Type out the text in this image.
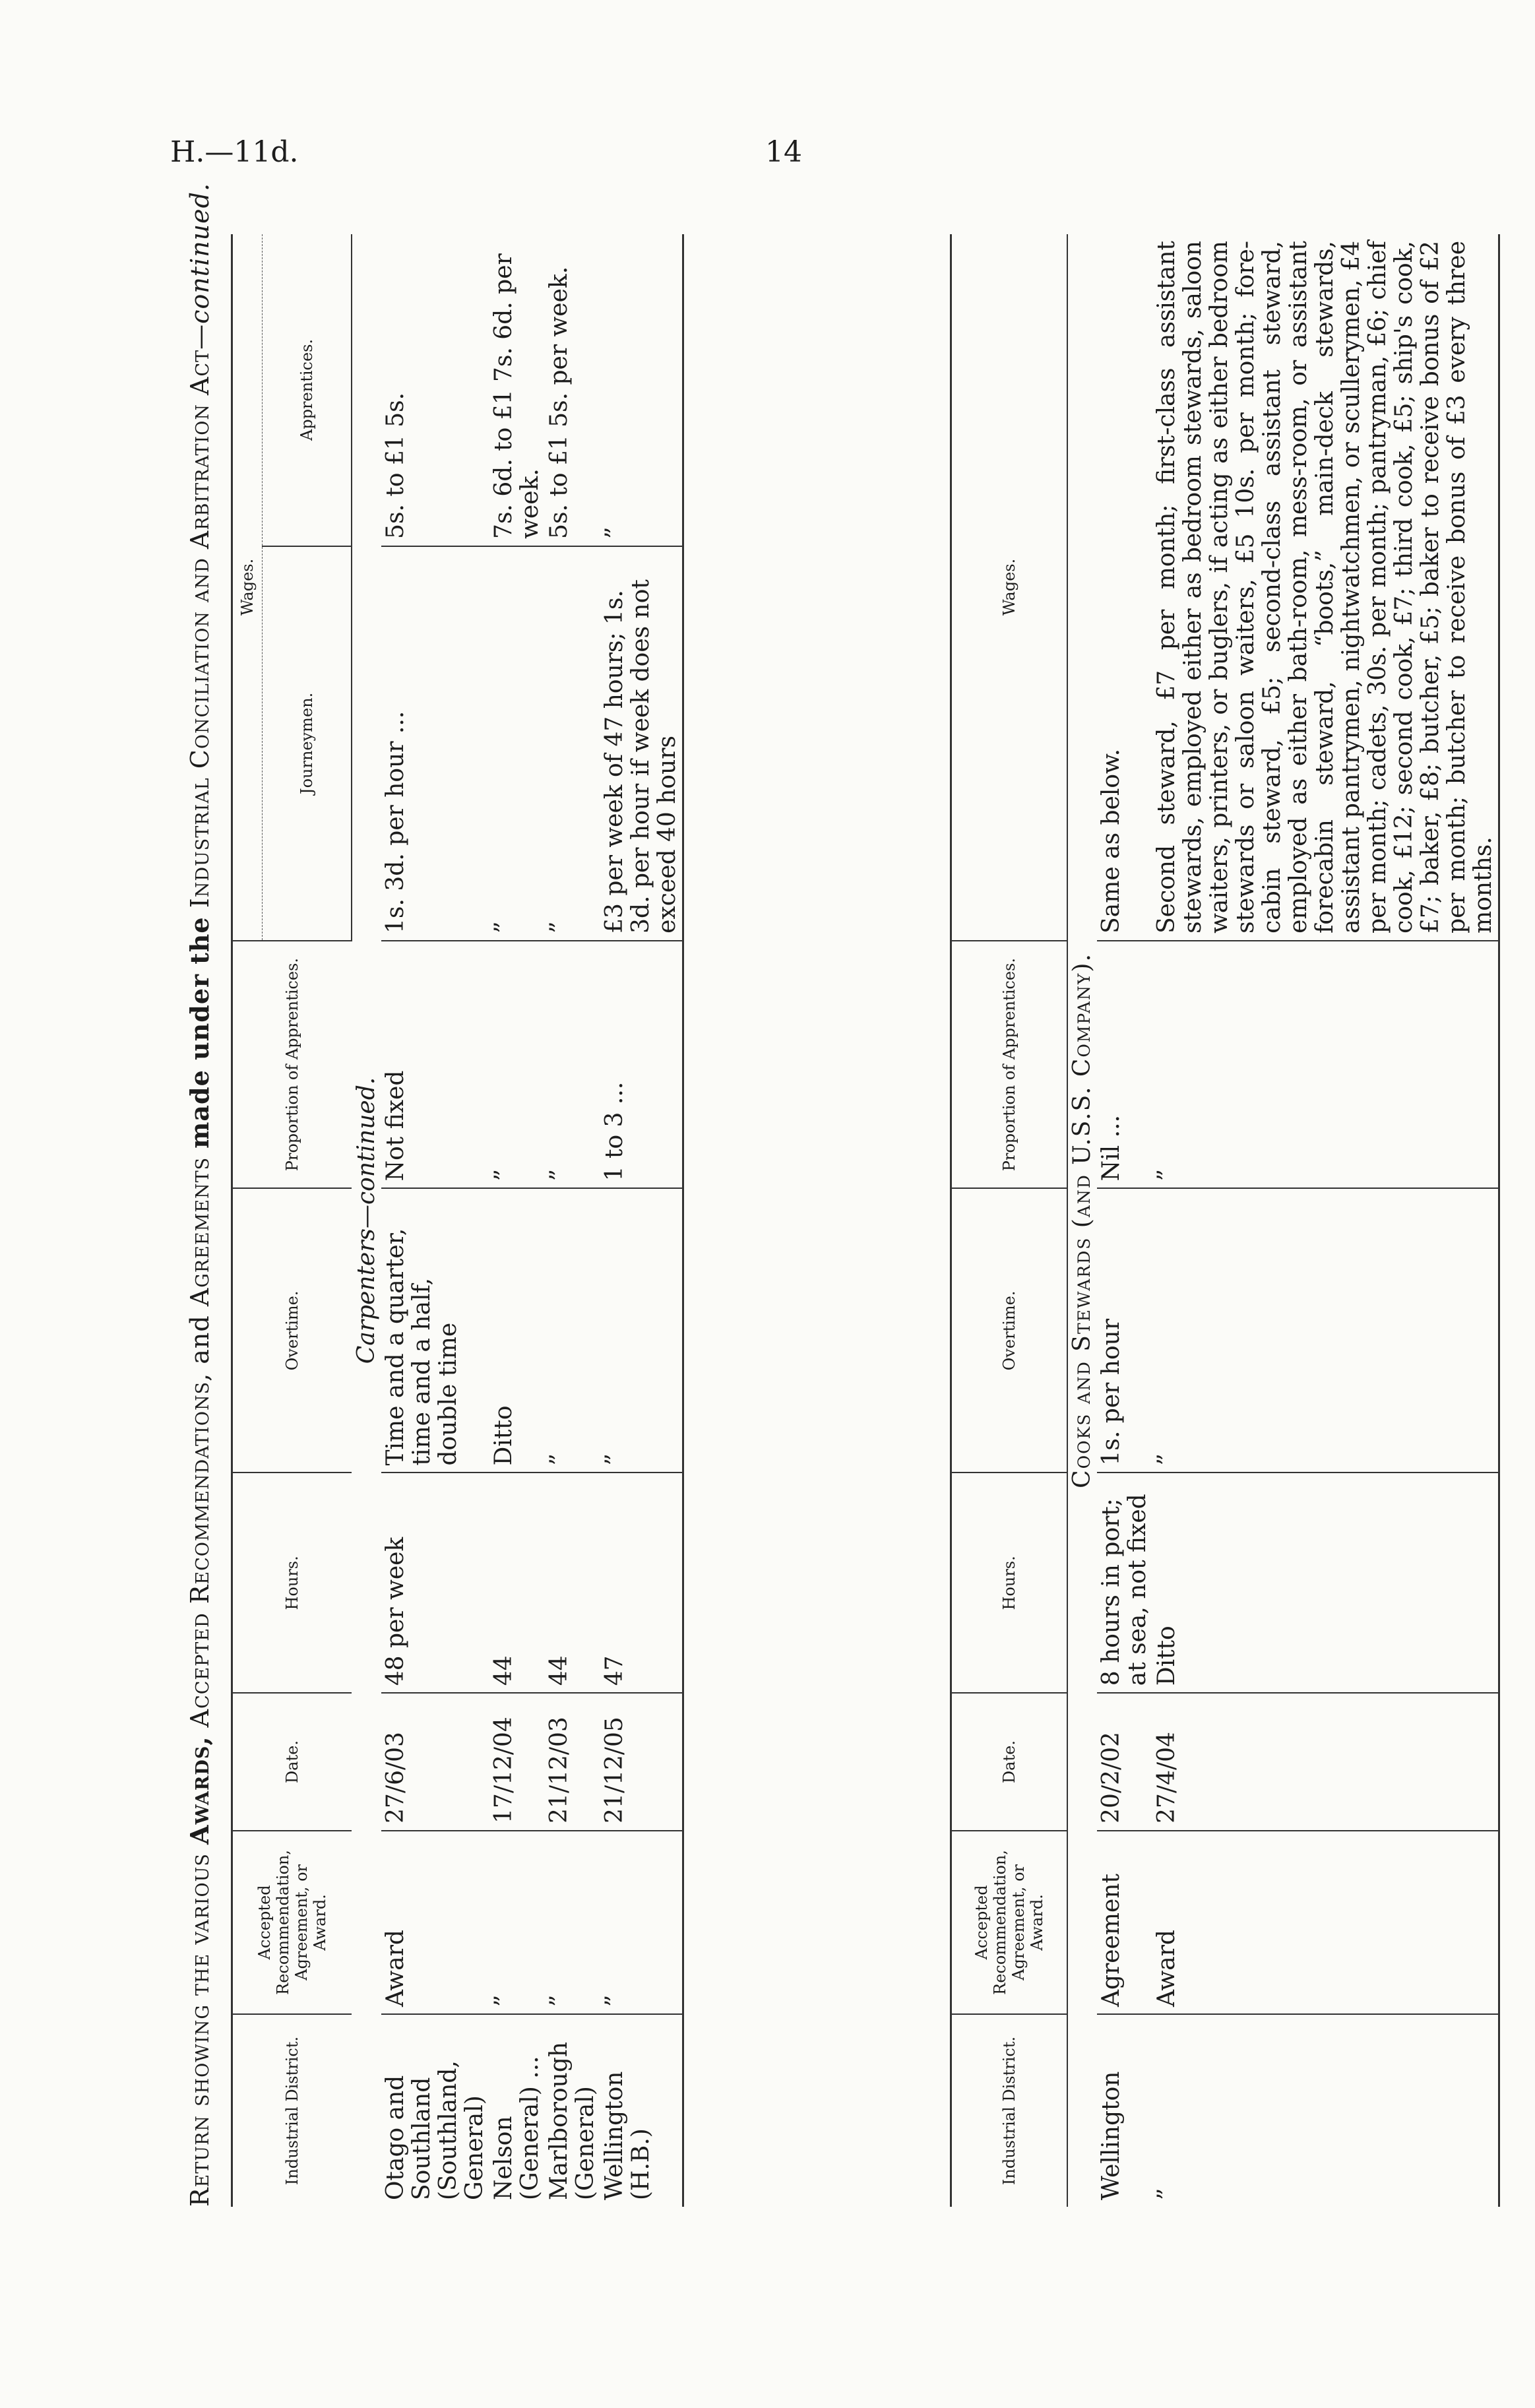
H.—11d.	14
Return showing the various Awards, Accepted Recommendations, and Agreements made under the Industrial Conciliation and Arbitration Act—continued.
Industrial District.	Accepted Recommendation, Agreement, or Award.	Date.	Hours.	Overtime.	Proportion of Apprentices.	Wages.	
						Journeymen.	Apprentices.
Carpenters—continued.							
Otago and Southland (Southland, General)	Award	27/6/03	48 per week	Time and a quarter, time and a half, double time	Not fixed	1s. 3d. per hour ...	5s. to £1 5s.
Nelson (General) ...	”	17/12/04	44	Ditto	”	”	7s. 6d. to £1 7s. 6d. per week.
Marlborough (General)	”	21/12/03	44	”	”	”	5s. to £1 5s. per week.
Wellington (H.B.)	”	21/12/05	47	”	1 to 3 ...	£3 per week of 47 hours; 1s. 3d. per hour if week does not exceed 40 hours	”
Industrial District.	Accepted Recommendation, Agreement, or Award.	Date.	Hours.	Overtime.	Proportion of Apprentices.	Wages.
Cooks and Stewards (and U.S.S. Company).						
Wellington	Agreement	20/2/02	8 hours in port; at sea, not fixed	1s. per hour	Nil ...	Same as below.
”	Award	27/4/04	Ditto	”	”	Second steward, £7 per month; first-class assistant stewards, employed either as bedroom stewards, saloon waiters, printers, or buglers, if acting as either bedroom stewards or saloon waiters, £5 10s. per month; fore-cabin steward, £5; second-class assistant steward, employed as either bath-room, mess-room, or assistant forecabin steward, “boots,” main-deck stewards, assistant pantrymen, nightwatchmen, or scullerymen, £4 per month; cadets, 30s. per month; pantryman, £6; chief cook, £12; second cook, £7; third cook, £5; ship's cook, £7; baker, £8; butcher, £5; baker to receive bonus of £2 per month; butcher to receive bonus of £3 every three months.
